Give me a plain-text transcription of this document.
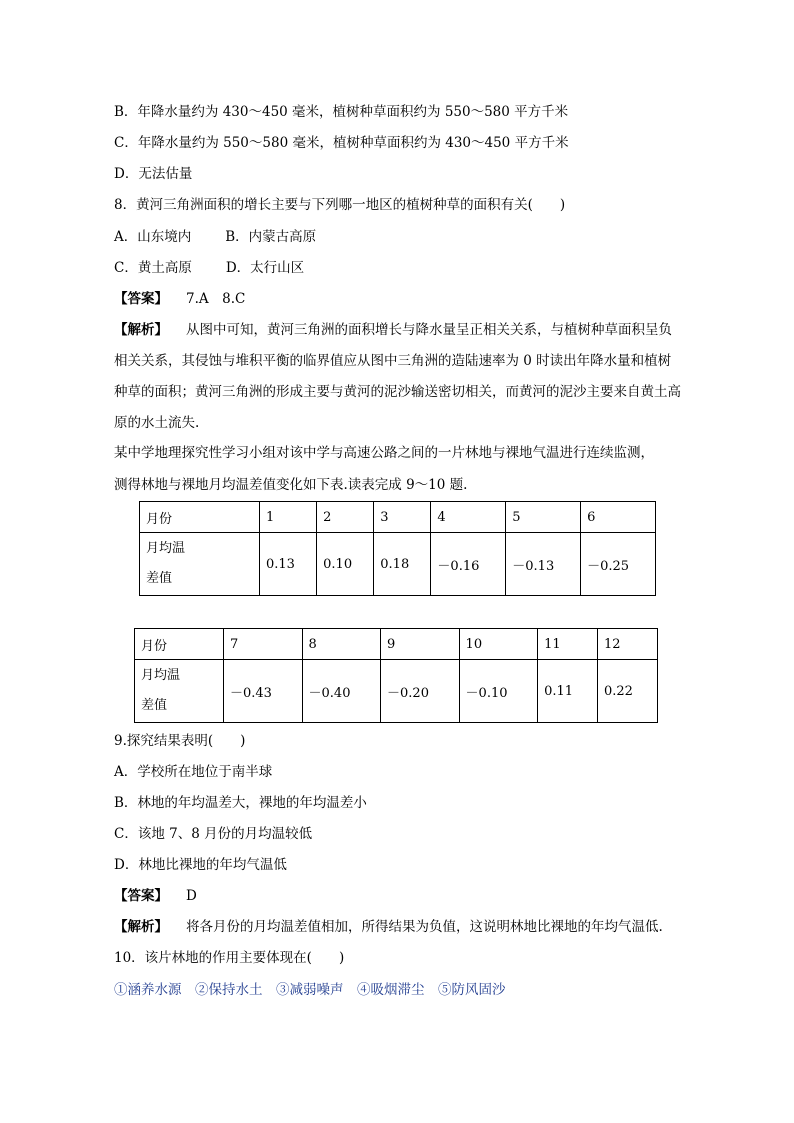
B．年降水量约为 430～450 毫米，植树种草面积约为 550～580 平方千米
C．年降水量约为 550～580 毫米，植树种草面积约为 430～450 平方千米
D．无法估量
8．黄河三角洲面积的增长主要与下列哪一地区的植树种草的面积有关(　　)
A．山东境内	B．内蒙古高原
C．黄土高原	D．太行山区
【答案】 7.A　8.C
【解析】 从图中可知，黄河三角洲的面积增长与降水量呈正相关关系，与植树种草面积呈负相关关系，其侵蚀与堆积平衡的临界值应从图中三角洲的造陆速率为 0 时读出年降水量和植树种草的面积；黄河三角洲的形成主要与黄河的泥沙输送密切相关，而黄河的泥沙主要来自黄土高原的水土流失.
某中学地理探究性学习小组对该中学与高速公路之间的一片林地与裸地气温进行连续监测，
测得林地与裸地月均温差值变化如下表.读表完成 9～10 题.
月份	1	2	3	4	5	6
月均温
差值	0.13	0.10	0.18	－0.16	－0.13	－0.25
月份	7	8	9	10	11	12
月均温
差值	－0.43	－0.40	－0.20	－0.10	0.11	0.22
9.探究结果表明(　　)
A．学校所在地位于南半球
B．林地的年均温差大，裸地的年均温差小
C．该地 7、8 月份的月均温较低
D．林地比裸地的年均气温低
【答案】 D
【解析】 将各月份的月均温差值相加，所得结果为负值，这说明林地比裸地的年均气温低.
10．该片林地的作用主要体现在(　　)
①涵养水源　②保持水土　③减弱噪声　④吸烟滞尘　⑤防风固沙
